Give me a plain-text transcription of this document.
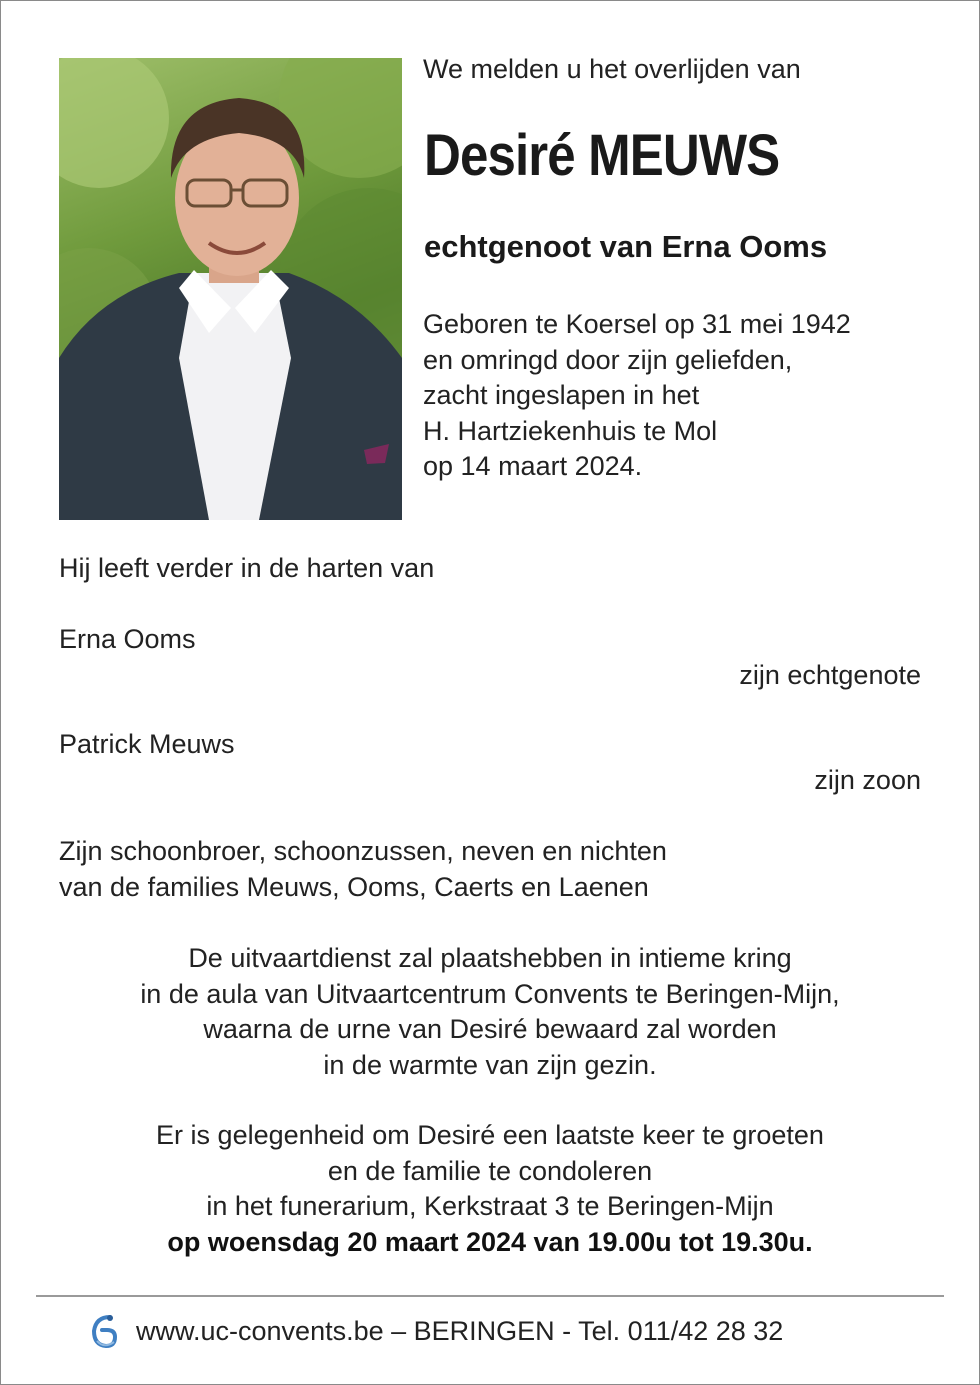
We melden u het overlijden van
Desiré MEUWS
echtgenoot van Erna Ooms
Geboren te Koersel op 31 mei 1942
en omringd door zijn geliefden,
zacht ingeslapen in het
H. Hartziekenhuis te Mol
op 14 maart 2024.
Hij leeft verder in de harten van
Erna Ooms
zijn echtgenote
Patrick Meuws
zijn zoon
Zijn schoonbroer, schoonzussen, neven en nichten
van de families Meuws, Ooms, Caerts en Laenen
De uitvaartdienst zal plaatshebben in intieme kring
in de aula van Uitvaartcentrum Convents te Beringen-Mijn,
waarna de urne van Desiré bewaard zal worden
in de warmte van zijn gezin.
Er is gelegenheid om Desiré een laatste keer te groeten
en de familie te condoleren
in het funerarium, Kerkstraat 3 te Beringen-Mijn
op woensdag 20 maart 2024 van 19.00u tot 19.30u.
www.uc-convents.be – BERINGEN - Tel. 011/42 28 32
